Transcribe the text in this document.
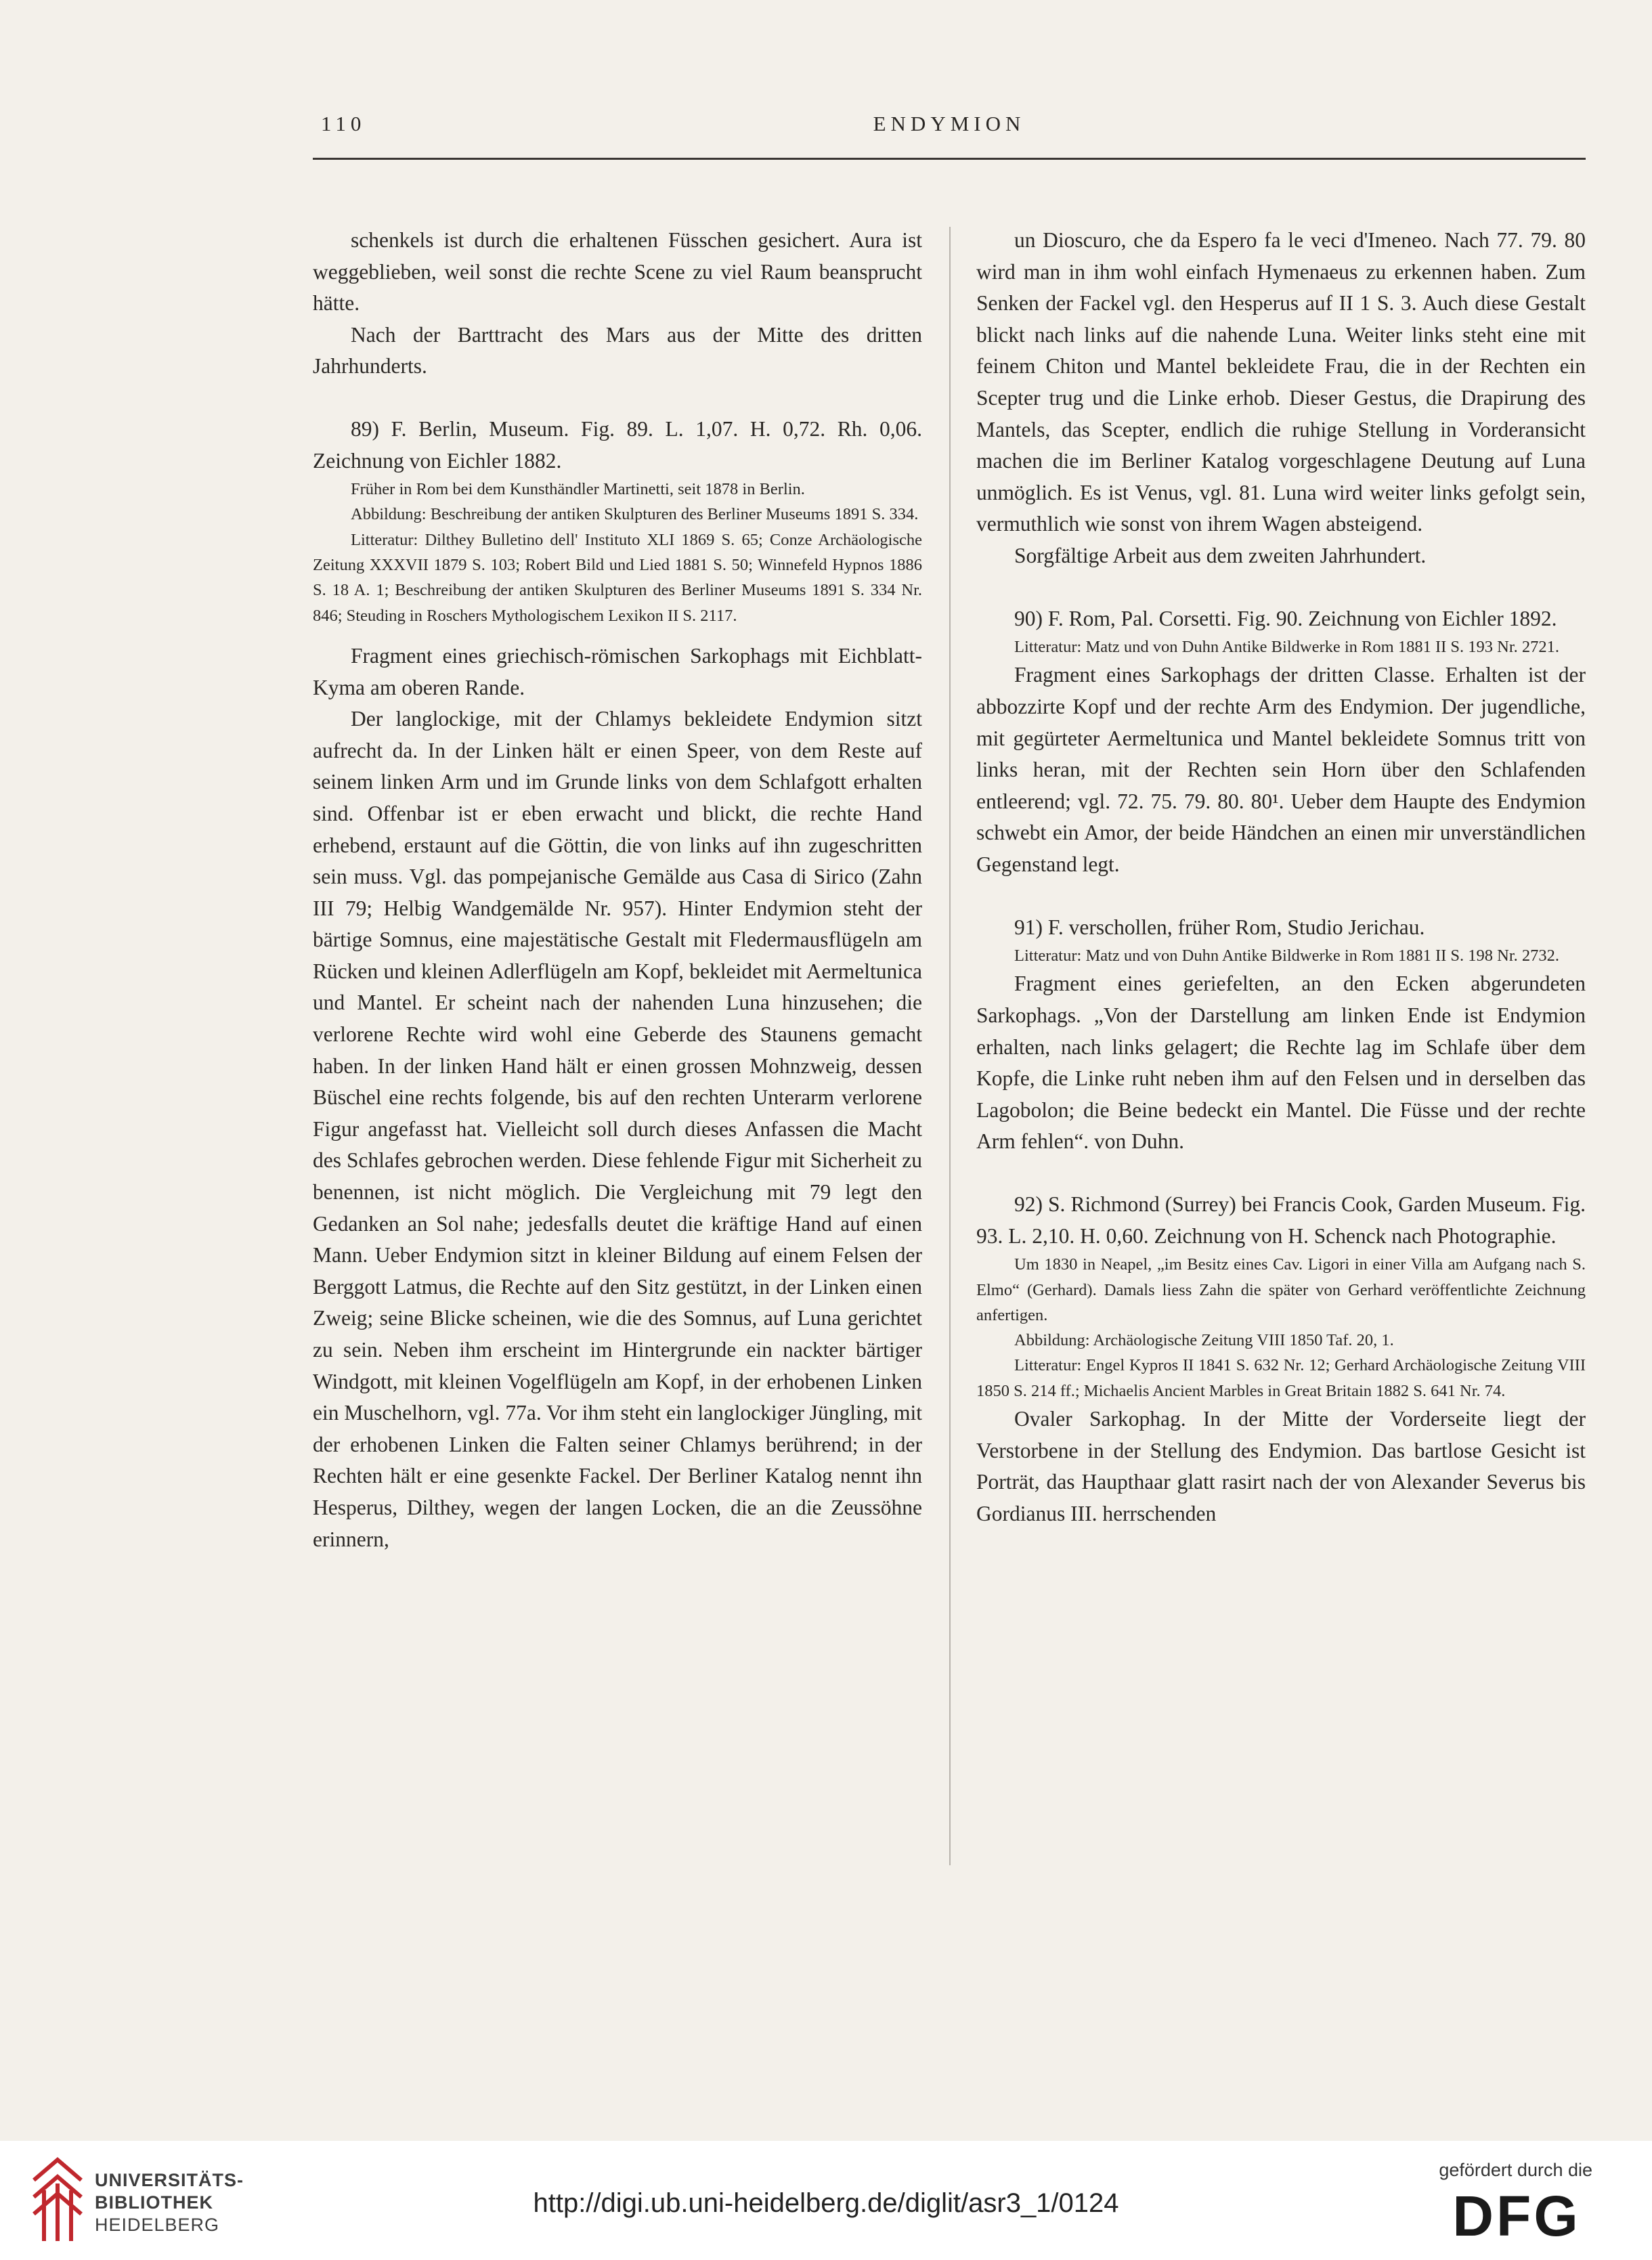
110	ENDYMION

schenkels ist durch die erhaltenen Füsschen gesichert. Aura ist weggeblieben, weil sonst die rechte Scene zu viel Raum beansprucht hätte.

Nach der Barttracht des Mars aus der Mitte des dritten Jahrhunderts.

89) F. Berlin, Museum. Fig. 89. L. 1,07. H. 0,72. Rh. 0,06. Zeichnung von Eichler 1882.

Früher in Rom bei dem Kunsthändler Martinetti, seit 1878 in Berlin.

Abbildung: Beschreibung der antiken Skulpturen des Berliner Museums 1891 S. 334.

Litteratur: Dilthey Bulletino dell' Instituto XLI 1869 S. 65; Conze Archäologische Zeitung XXXVII 1879 S. 103; Robert Bild und Lied 1881 S. 50; Winnefeld Hypnos 1886 S. 18 A. 1; Beschreibung der antiken Skulpturen des Berliner Museums 1891 S. 334 Nr. 846; Steuding in Roschers Mythologischem Lexikon II S. 2117.

Fragment eines griechisch-römischen Sarkophags mit Eichblatt-Kyma am oberen Rande.

Der langlockige, mit der Chlamys bekleidete Endymion sitzt aufrecht da. In der Linken hält er einen Speer, von dem Reste auf seinem linken Arm und im Grunde links von dem Schlafgott erhalten sind. Offenbar ist er eben erwacht und blickt, die rechte Hand erhebend, erstaunt auf die Göttin, die von links auf ihn zugeschritten sein muss. Vgl. das pompejanische Gemälde aus Casa di Sirico (Zahn III 79; Helbig Wandgemälde Nr. 957). Hinter Endymion steht der bärtige Somnus, eine majestätische Gestalt mit Fledermausflügeln am Rücken und kleinen Adlerflügeln am Kopf, bekleidet mit Aermeltunica und Mantel. Er scheint nach der nahenden Luna hinzusehen; die verlorene Rechte wird wohl eine Geberde des Staunens gemacht haben. In der linken Hand hält er einen grossen Mohnzweig, dessen Büschel eine rechts folgende, bis auf den rechten Unterarm verlorene Figur angefasst hat. Vielleicht soll durch dieses Anfassen die Macht des Schlafes gebrochen werden. Diese fehlende Figur mit Sicherheit zu benennen, ist nicht möglich. Die Vergleichung mit 79 legt den Gedanken an Sol nahe; jedesfalls deutet die kräftige Hand auf einen Mann. Ueber Endymion sitzt in kleiner Bildung auf einem Felsen der Berggott Latmus, die Rechte auf den Sitz gestützt, in der Linken einen Zweig; seine Blicke scheinen, wie die des Somnus, auf Luna gerichtet zu sein. Neben ihm erscheint im Hintergrunde ein nackter bärtiger Windgott, mit kleinen Vogelflügeln am Kopf, in der erhobenen Linken ein Muschelhorn, vgl. 77a. Vor ihm steht ein langlockiger Jüngling, mit der erhobenen Linken die Falten seiner Chlamys berührend; in der Rechten hält er eine gesenkte Fackel. Der Berliner Katalog nennt ihn Hesperus, Dilthey, wegen der langen Locken, die an die Zeussöhne erinnern,

un Dioscuro, che da Espero fa le veci d'Imeneo. Nach 77. 79. 80 wird man in ihm wohl einfach Hymenaeus zu erkennen haben. Zum Senken der Fackel vgl. den Hesperus auf II 1 S. 3. Auch diese Gestalt blickt nach links auf die nahende Luna. Weiter links steht eine mit feinem Chiton und Mantel bekleidete Frau, die in der Rechten ein Scepter trug und die Linke erhob. Dieser Gestus, die Drapirung des Mantels, das Scepter, endlich die ruhige Stellung in Vorderansicht machen die im Berliner Katalog vorgeschlagene Deutung auf Luna unmöglich. Es ist Venus, vgl. 81. Luna wird weiter links gefolgt sein, vermuthlich wie sonst von ihrem Wagen absteigend.

Sorgfältige Arbeit aus dem zweiten Jahrhundert.

90) F. Rom, Pal. Corsetti. Fig. 90. Zeichnung von Eichler 1892.

Litteratur: Matz und von Duhn Antike Bildwerke in Rom 1881 II S. 193 Nr. 2721.

Fragment eines Sarkophags der dritten Classe. Erhalten ist der abbozzirte Kopf und der rechte Arm des Endymion. Der jugendliche, mit gegürteter Aermeltunica und Mantel bekleidete Somnus tritt von links heran, mit der Rechten sein Horn über den Schlafenden entleerend; vgl. 72. 75. 79. 80. 80¹. Ueber dem Haupte des Endymion schwebt ein Amor, der beide Händchen an einen mir unverständlichen Gegenstand legt.

91) F. verschollen, früher Rom, Studio Jerichau.

Litteratur: Matz und von Duhn Antike Bildwerke in Rom 1881 II S. 198 Nr. 2732.

Fragment eines geriefelten, an den Ecken abgerundeten Sarkophags. „Von der Darstellung am linken Ende ist Endymion erhalten, nach links gelagert; die Rechte lag im Schlafe über dem Kopfe, die Linke ruht neben ihm auf den Felsen und in derselben das Lagobolon; die Beine bedeckt ein Mantel. Die Füsse und der rechte Arm fehlen“. von Duhn.

92) S. Richmond (Surrey) bei Francis Cook, Garden Museum. Fig. 93. L. 2,10. H. 0,60. Zeichnung von H. Schenck nach Photographie.

Um 1830 in Neapel, „im Besitz eines Cav. Ligori in einer Villa am Aufgang nach S. Elmo“ (Gerhard). Damals liess Zahn die später von Gerhard veröffentlichte Zeichnung anfertigen.

Abbildung: Archäologische Zeitung VIII 1850 Taf. 20, 1.

Litteratur: Engel Kypros II 1841 S. 632 Nr. 12; Gerhard Archäologische Zeitung VIII 1850 S. 214 ff.; Michaelis Ancient Marbles in Great Britain 1882 S. 641 Nr. 74.

Ovaler Sarkophag. In der Mitte der Vorderseite liegt der Verstorbene in der Stellung des Endymion. Das bartlose Gesicht ist Porträt, das Haupthaar glatt rasirt nach der von Alexander Severus bis Gordianus III. herrschenden

UNIVERSITÄTS-
BIBLIOTHEK
HEIDELBERG
http://digi.ub.uni-heidelberg.de/diglit/asr3_1/0124
gefördert durch die
DFG
